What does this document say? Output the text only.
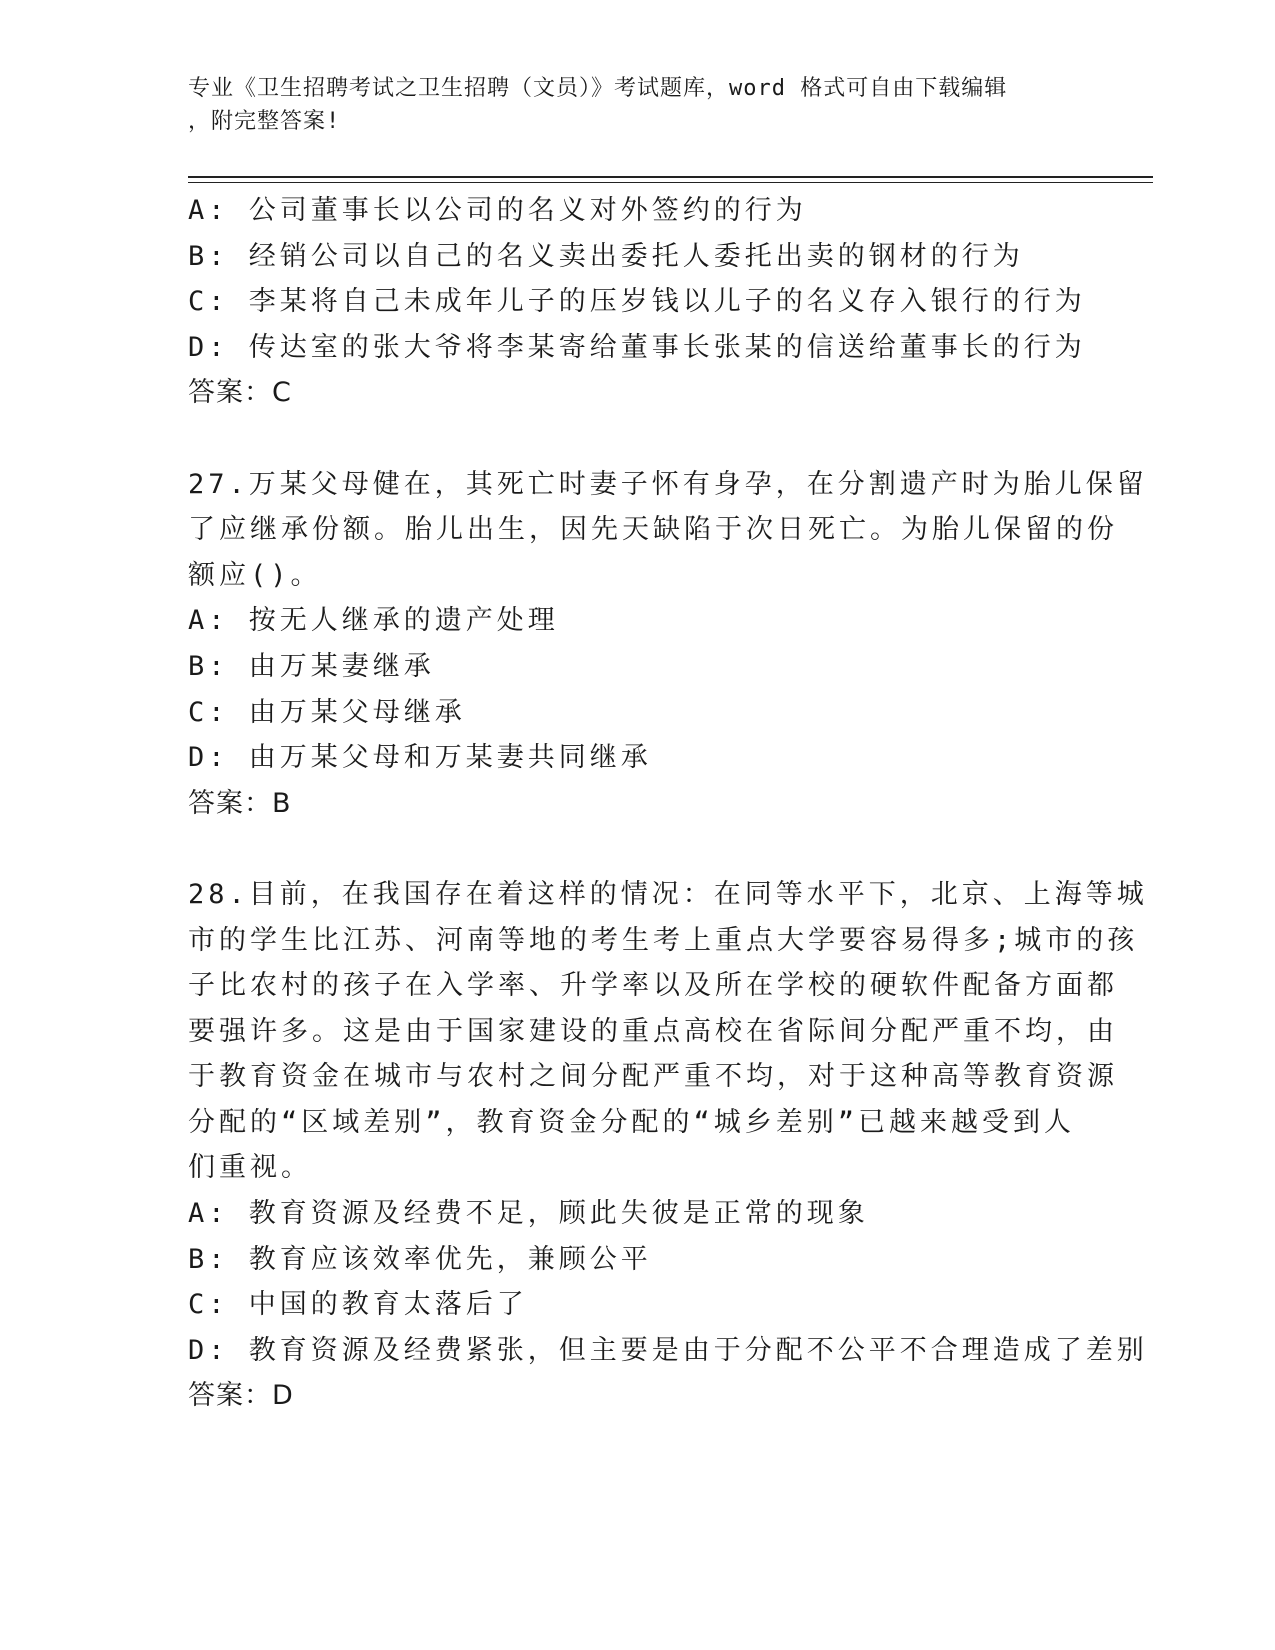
专业《卫生招聘考试之卫生招聘（文员）》考试题库，word 格式可自由下载编辑
，附完整答案!
A: 公司董事长以公司的名义对外签约的行为
B: 经销公司以自己的名义卖出委托人委托出卖的钢材的行为
C: 李某将自己未成年儿子的压岁钱以儿子的名义存入银行的行为
D: 传达室的张大爷将李某寄给董事长张某的信送给董事长的行为
答案：C
27.万某父母健在，其死亡时妻子怀有身孕，在分割遗产时为胎儿保留
了应继承份额。胎儿出生，因先天缺陷于次日死亡。为胎儿保留的份
额应()。
A: 按无人继承的遗产处理
B: 由万某妻继承
C: 由万某父母继承
D: 由万某父母和万某妻共同继承
答案：B
28.目前，在我国存在着这样的情况：在同等水平下，北京、上海等城
市的学生比江苏、河南等地的考生考上重点大学要容易得多;城市的孩
子比农村的孩子在入学率、升学率以及所在学校的硬软件配备方面都
要强许多。这是由于国家建设的重点高校在省际间分配严重不均，由
于教育资金在城市与农村之间分配严重不均，对于这种高等教育资源
分配的“区域差别”，教育资金分配的“城乡差别”已越来越受到人
们重视。
A: 教育资源及经费不足，顾此失彼是正常的现象
B: 教育应该效率优先，兼顾公平
C: 中国的教育太落后了
D: 教育资源及经费紧张，但主要是由于分配不公平不合理造成了差别
答案：D
